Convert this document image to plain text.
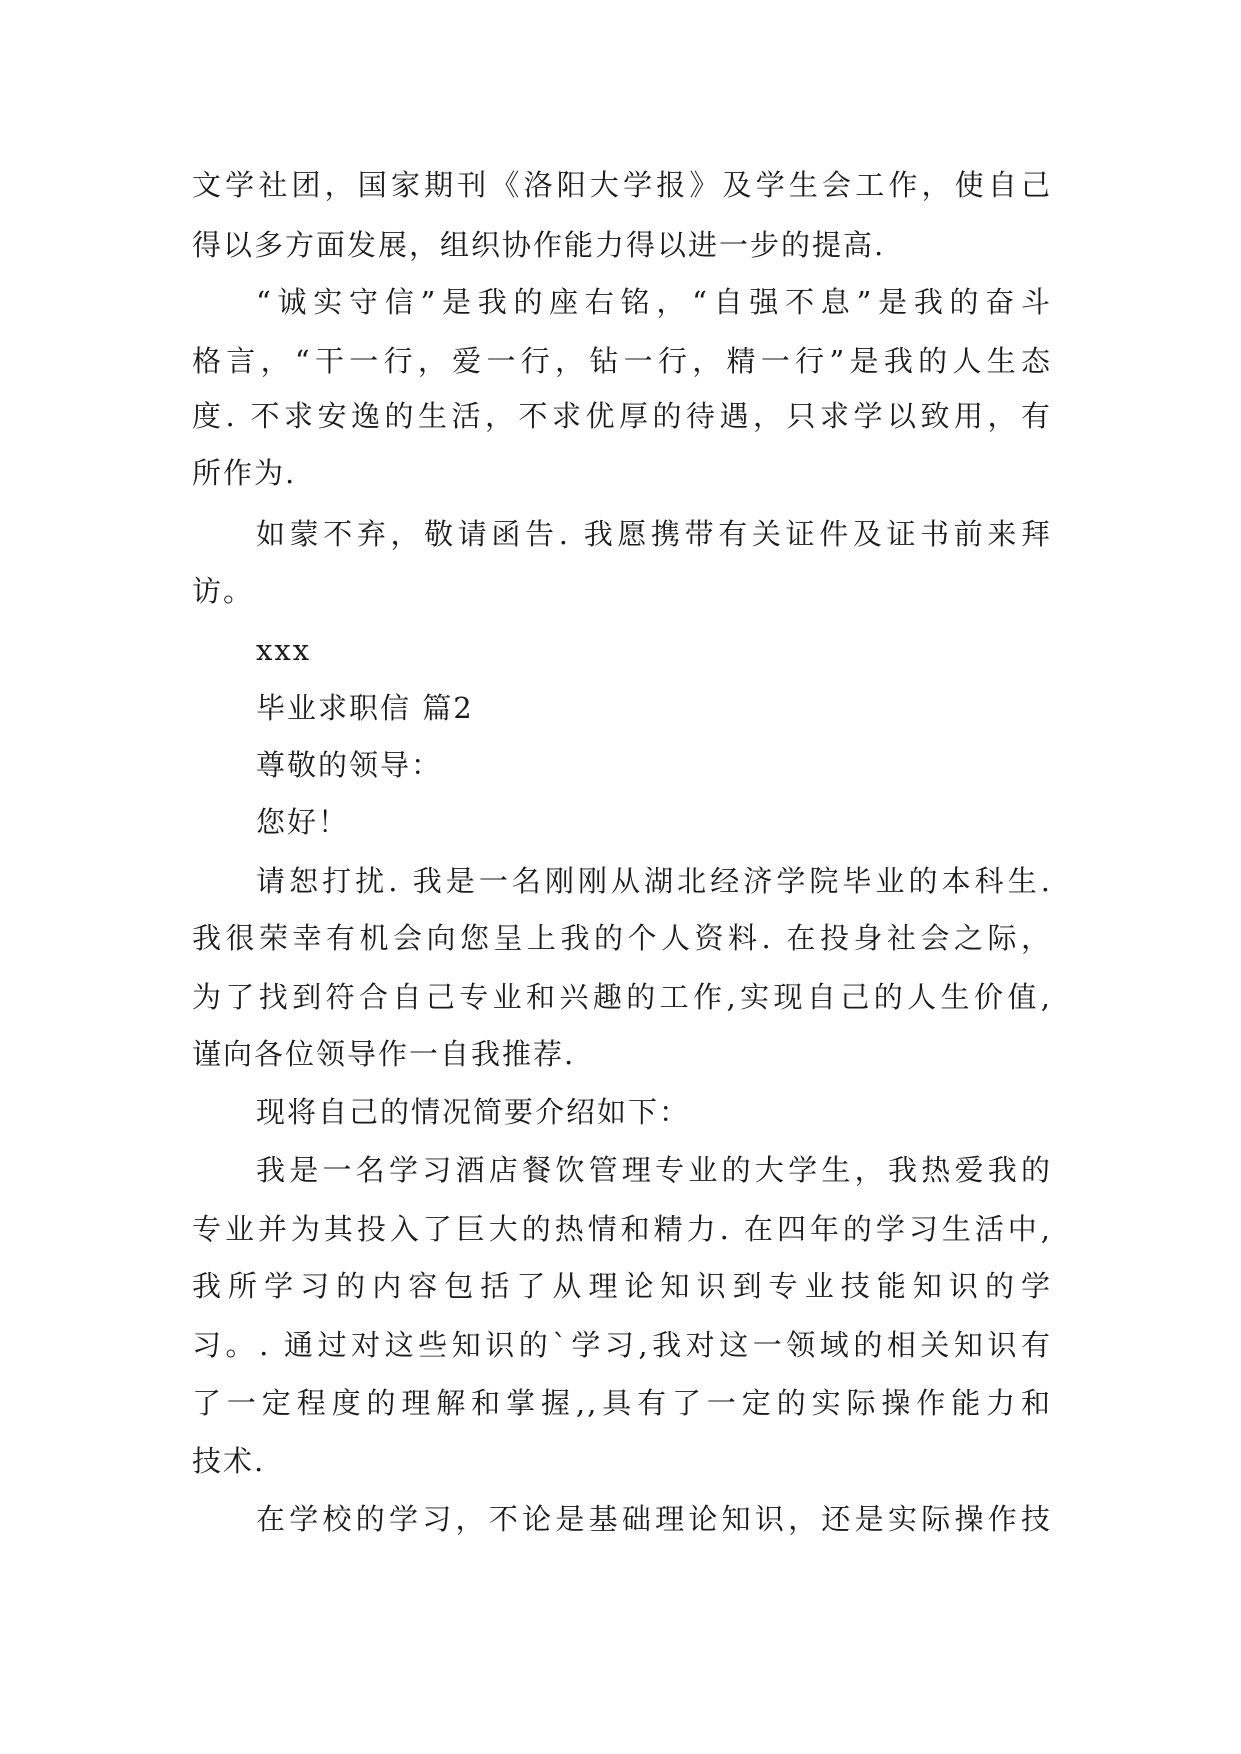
文学社团，国家期刊《洛阳大学报》及学生会工作，使自己
得以多方面发展，组织协作能力得以进一步的提高.
“诚实守信”是我的座右铭，“自强不息”是我的奋斗
格言，“干一行，爱一行，钻一行，精一行”是我的人生态
度. 不求安逸的生活，不求优厚的待遇，只求学以致用，有
所作为.
如蒙不弃，敬请函告. 我愿携带有关证件及证书前来拜
访。
xxx
毕业求职信 篇2
尊敬的领导：
您好！
请恕打扰. 我是一名刚刚从湖北经济学院毕业的本科生.
我很荣幸有机会向您呈上我的个人资料. 在投身社会之际，
为了找到符合自己专业和兴趣的工作,实现自己的人生价值,
谨向各位领导作一自我推荐.
现将自己的情况简要介绍如下：
我是一名学习酒店餐饮管理专业的大学生，我热爱我的
专业并为其投入了巨大的热情和精力. 在四年的学习生活中,
我所学习的内容包括了从理论知识到专业技能知识的学
习。. 通过对这些知识的`学习,我对这一领域的相关知识有
了一定程度的理解和掌握,,具有了一定的实际操作能力和
技术.
在学校的学习，不论是基础理论知识，还是实际操作技
